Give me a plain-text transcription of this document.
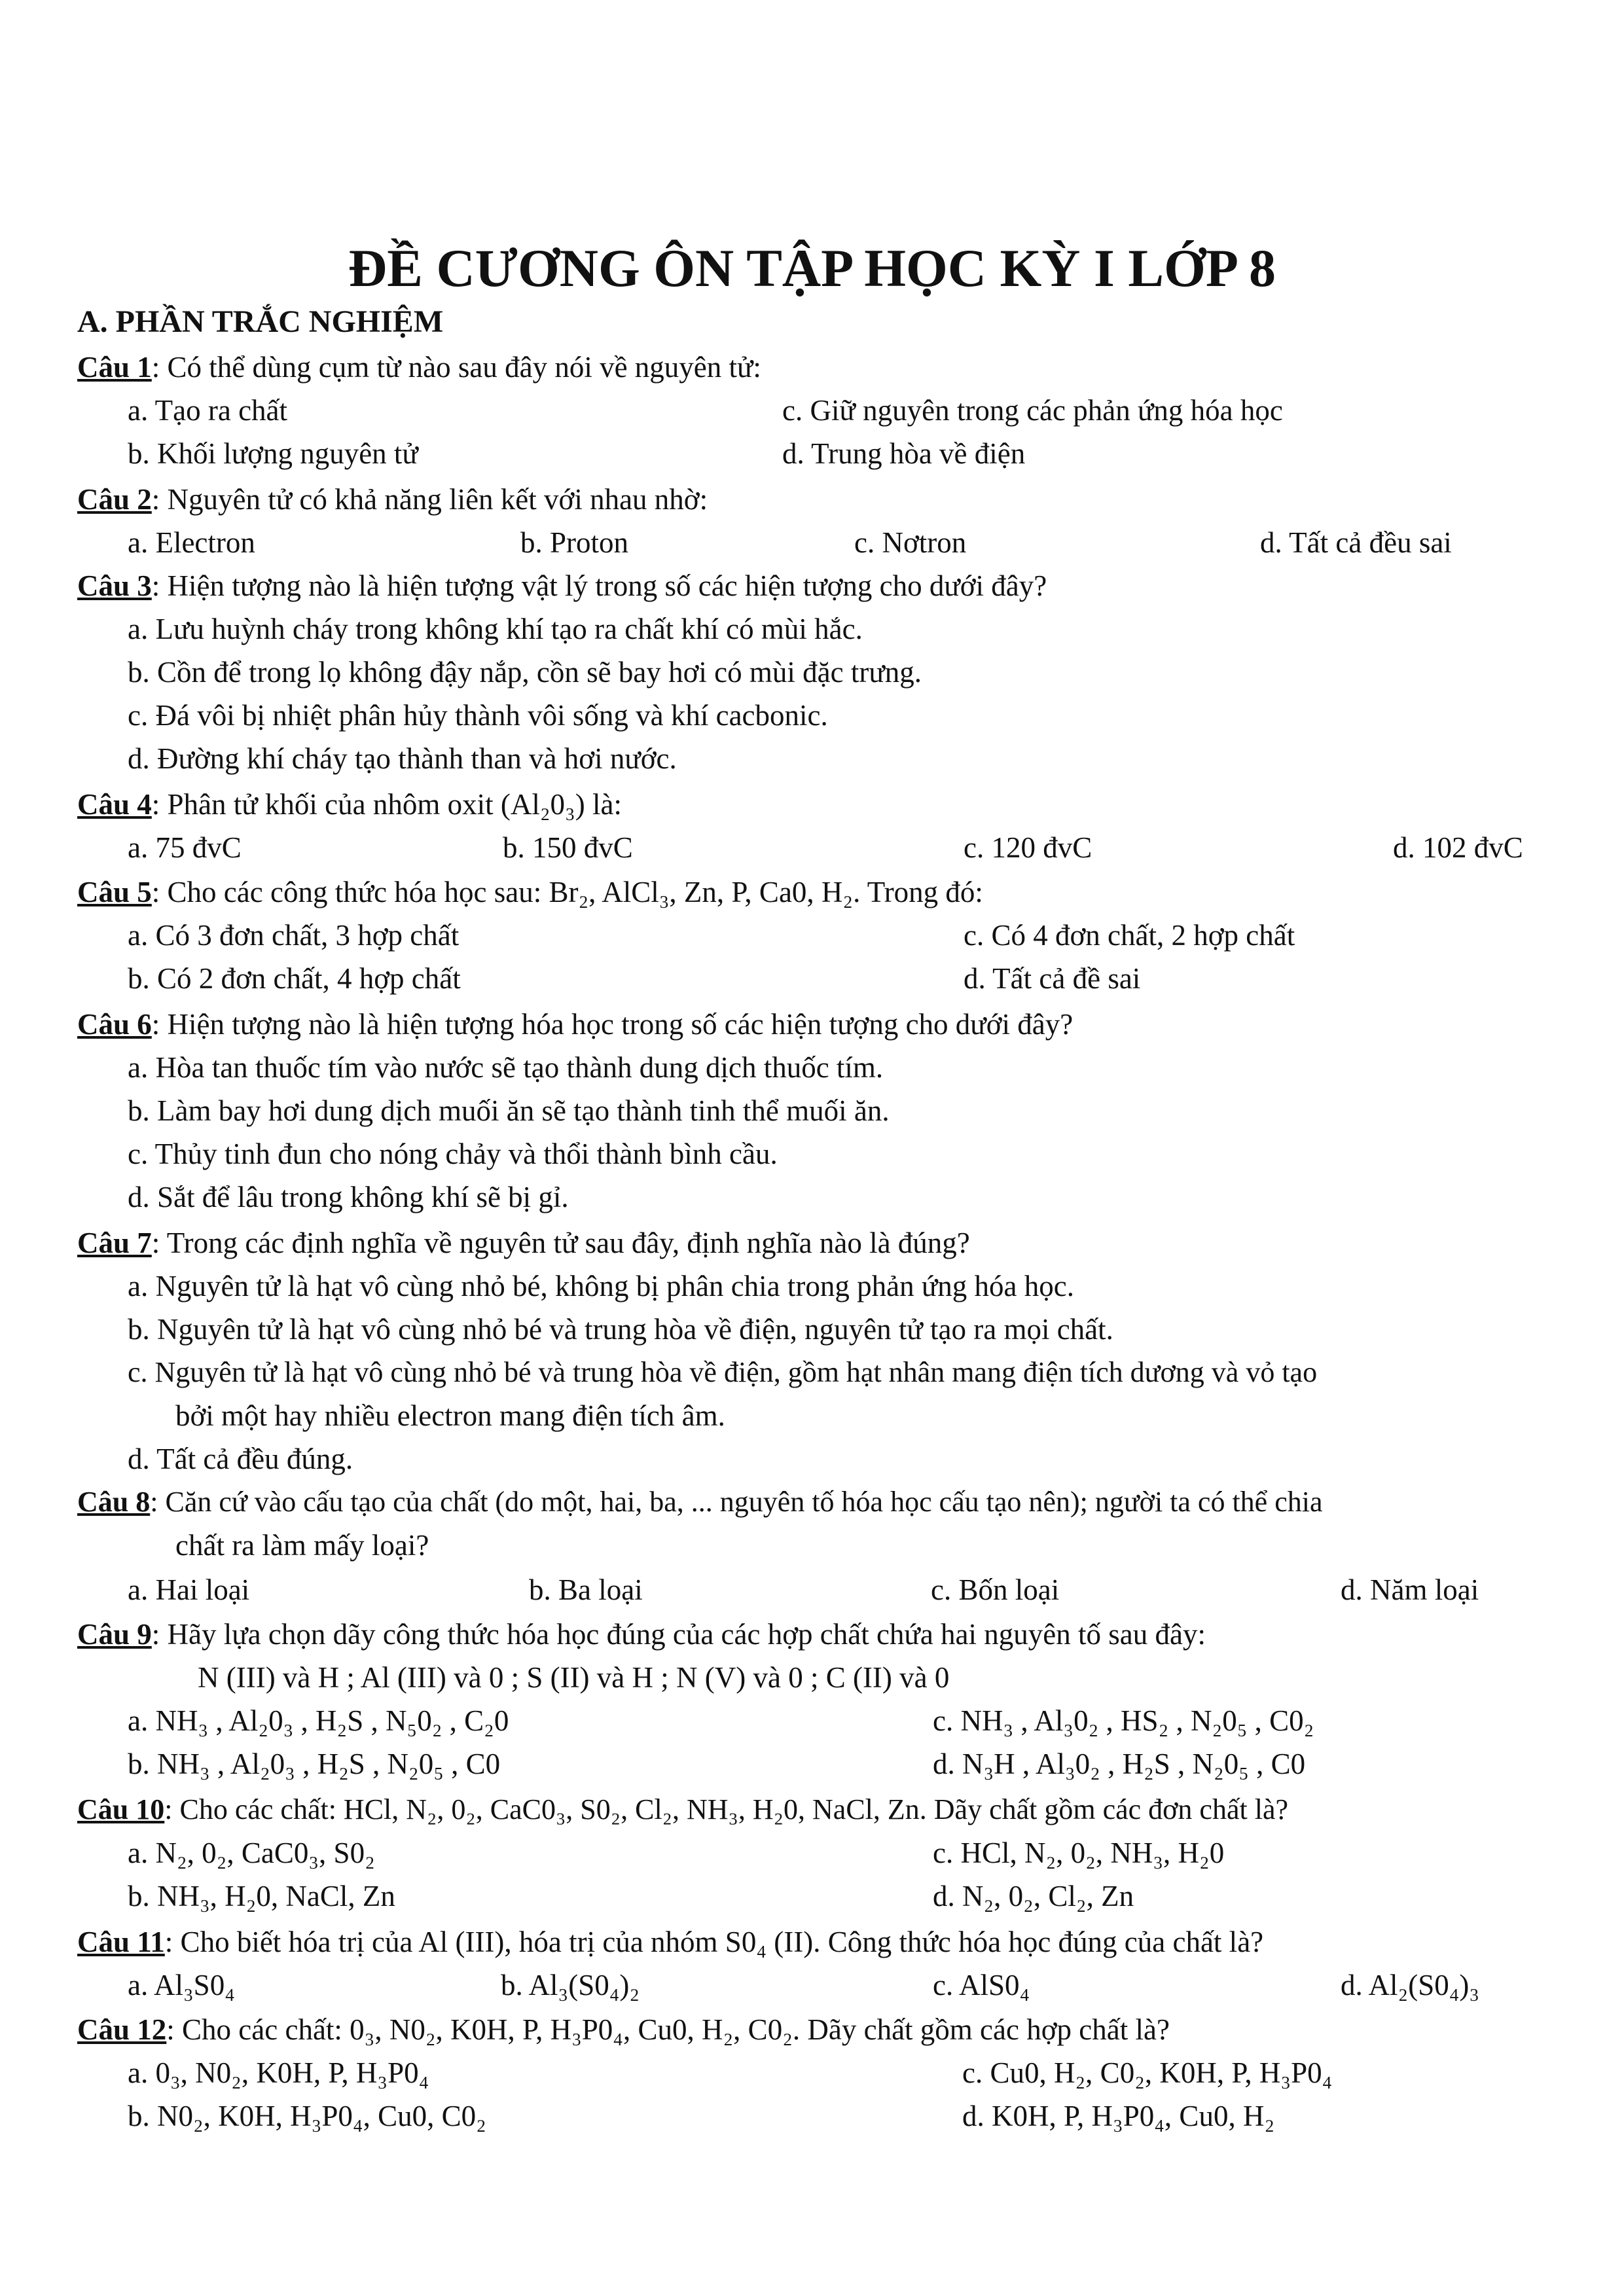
ĐỀ CƯƠNG ÔN TẬP HỌC KỲ I LỚP 8
A. PHẦN TRẮC NGHIỆM
Câu 1: Có thể dùng cụm từ nào sau đây nói về nguyên tử:
a. Tạo ra chất	c. Giữ nguyên trong các phản ứng hóa học
b. Khối lượng nguyên tử	d. Trung hòa về điện
Câu 2: Nguyên tử có khả năng liên kết với nhau nhờ:
a. Electron	b. Proton	c. Nơtron	d. Tất cả đều sai
Câu 3: Hiện tượng nào là hiện tượng vật lý trong số các hiện tượng cho dưới đây?
a. Lưu huỳnh cháy trong không khí tạo ra chất khí có mùi hắc.
b. Cồn để trong lọ không đậy nắp, cồn sẽ bay hơi có mùi đặc trưng.
c. Đá vôi bị nhiệt phân hủy thành vôi sống và khí cacbonic.
d. Đường khí cháy tạo thành than và hơi nước.
Câu 4: Phân tử khối của nhôm oxit (Al₂0₃) là:
a. 75 đvC	b. 150 đvC	c. 120 đvC	d. 102 đvC
Câu 5: Cho các công thức hóa học sau: Br₂, AlCl₃, Zn, P, Ca0, H₂. Trong đó:
a. Có 3 đơn chất, 3 hợp chất	c. Có 4 đơn chất, 2 hợp chất
b. Có 2 đơn chất, 4 hợp chất	d. Tất cả đề sai
Câu 6: Hiện tượng nào là hiện tượng hóa học trong số các hiện tượng cho dưới đây?
a. Hòa tan thuốc tím vào nước sẽ tạo thành dung dịch thuốc tím.
b. Làm bay hơi dung dịch muối ăn sẽ tạo thành tinh thể muối ăn.
c. Thủy tinh đun cho nóng chảy và thổi thành bình cầu.
d. Sắt để lâu trong không khí sẽ bị gỉ.
Câu 7: Trong các định nghĩa về nguyên tử sau đây, định nghĩa nào là đúng?
a. Nguyên tử là hạt vô cùng nhỏ bé, không bị phân chia trong phản ứng hóa học.
b. Nguyên tử là hạt vô cùng nhỏ bé và trung hòa về điện, nguyên tử tạo ra mọi chất.
c. Nguyên tử là hạt vô cùng nhỏ bé và trung hòa về điện, gồm hạt nhân mang điện tích dương và vỏ tạo
bởi một hay nhiều electron mang điện tích âm.
d. Tất cả đều đúng.
Câu 8: Căn cứ vào cấu tạo của chất (do một, hai, ba, ... nguyên tố hóa học cấu tạo nên); người ta có thể chia
chất ra làm mấy loại?
a. Hai loại	b. Ba loại	c. Bốn loại	d. Năm loại
Câu 9: Hãy lựa chọn dãy công thức hóa học đúng của các hợp chất chứa hai nguyên tố sau đây:
N (III) và H ; Al (III) và 0 ; S (II) và H ; N (V) và 0 ; C (II) và 0
a. NH₃ , Al₂0₃ , H₂S , N₅0₂ , C₂0	c. NH₃ , Al₃0₂ , HS₂ , N₂0₅ , C0₂
b. NH₃ , Al₂0₃ , H₂S , N₂0₅ , C0	d. N₃H , Al₃0₂ , H₂S , N₂0₅ , C0
Câu 10: Cho các chất: HCl, N₂, 0₂, CaC0₃, S0₂, Cl₂, NH₃, H₂0, NaCl, Zn. Dãy chất gồm các đơn chất là?
a. N₂, 0₂, CaC0₃, S0₂	c. HCl, N₂, 0₂, NH₃, H₂0
b. NH₃, H₂0, NaCl, Zn	d. N₂, 0₂, Cl₂, Zn
Câu 11: Cho biết hóa trị của Al (III), hóa trị của nhóm S0₄ (II). Công thức hóa học đúng của chất là?
a. Al₃S0₄	b. Al₃(S0₄)₂	c. AlS0₄	d. Al₂(S0₄)₃
Câu 12: Cho các chất: 0₃, N0₂, K0H, P, H₃P0₄, Cu0, H₂, C0₂. Dãy chất gồm các hợp chất là?
a. 0₃, N0₂, K0H, P, H₃P0₄	c. Cu0, H₂, C0₂, K0H, P, H₃P0₄
b. N0₂, K0H, H₃P0₄, Cu0, C0₂	d. K0H, P, H₃P0₄, Cu0, H₂
